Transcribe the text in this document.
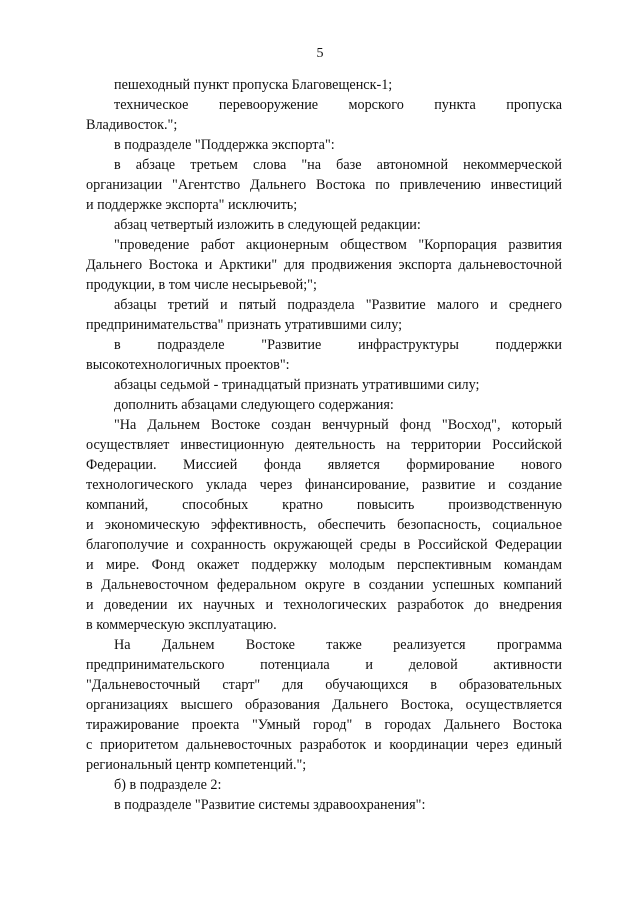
5
пешеходный пункт пропуска Благовещенск-1;
техническое перевооружение морского пункта пропуска
Владивосток.";
в подразделе "Поддержка экспорта":
в абзаце третьем слова "на базе автономной некоммерческой
организации "Агентство Дальнего Востока по привлечению инвестиций
и поддержке экспорта" исключить;
абзац четвертый изложить в следующей редакции:
"проведение работ акционерным обществом "Корпорация развития
Дальнего Востока и Арктики" для продвижения экспорта дальневосточной
продукции, в том числе несырьевой;";
абзацы третий и пятый подраздела "Развитие малого и среднего
предпринимательства" признать утратившими силу;
в подразделе "Развитие инфраструктуры поддержки
высокотехнологичных проектов":
абзацы седьмой - тринадцатый признать утратившими силу;
дополнить абзацами следующего содержания:
"На Дальнем Востоке создан венчурный фонд "Восход", который
осуществляет инвестиционную деятельность на территории Российской
Федерации. Миссией фонда является формирование нового
технологического уклада через финансирование, развитие и создание
компаний, способных кратно повысить производственную
и экономическую эффективность, обеспечить безопасность, социальное
благополучие и сохранность окружающей среды в Российской Федерации
и мире. Фонд окажет поддержку молодым перспективным командам
в Дальневосточном федеральном округе в создании успешных компаний
и доведении их научных и технологических разработок до внедрения
в коммерческую эксплуатацию.
На Дальнем Востоке также реализуется программа
предпринимательского потенциала и деловой активности
"Дальневосточный старт" для обучающихся в образовательных
организациях высшего образования Дальнего Востока, осуществляется
тиражирование проекта "Умный город" в городах Дальнего Востока
с приоритетом дальневосточных разработок и координации через единый
региональный центр компетенций.";
б) в подразделе 2:
в подразделе "Развитие системы здравоохранения":
